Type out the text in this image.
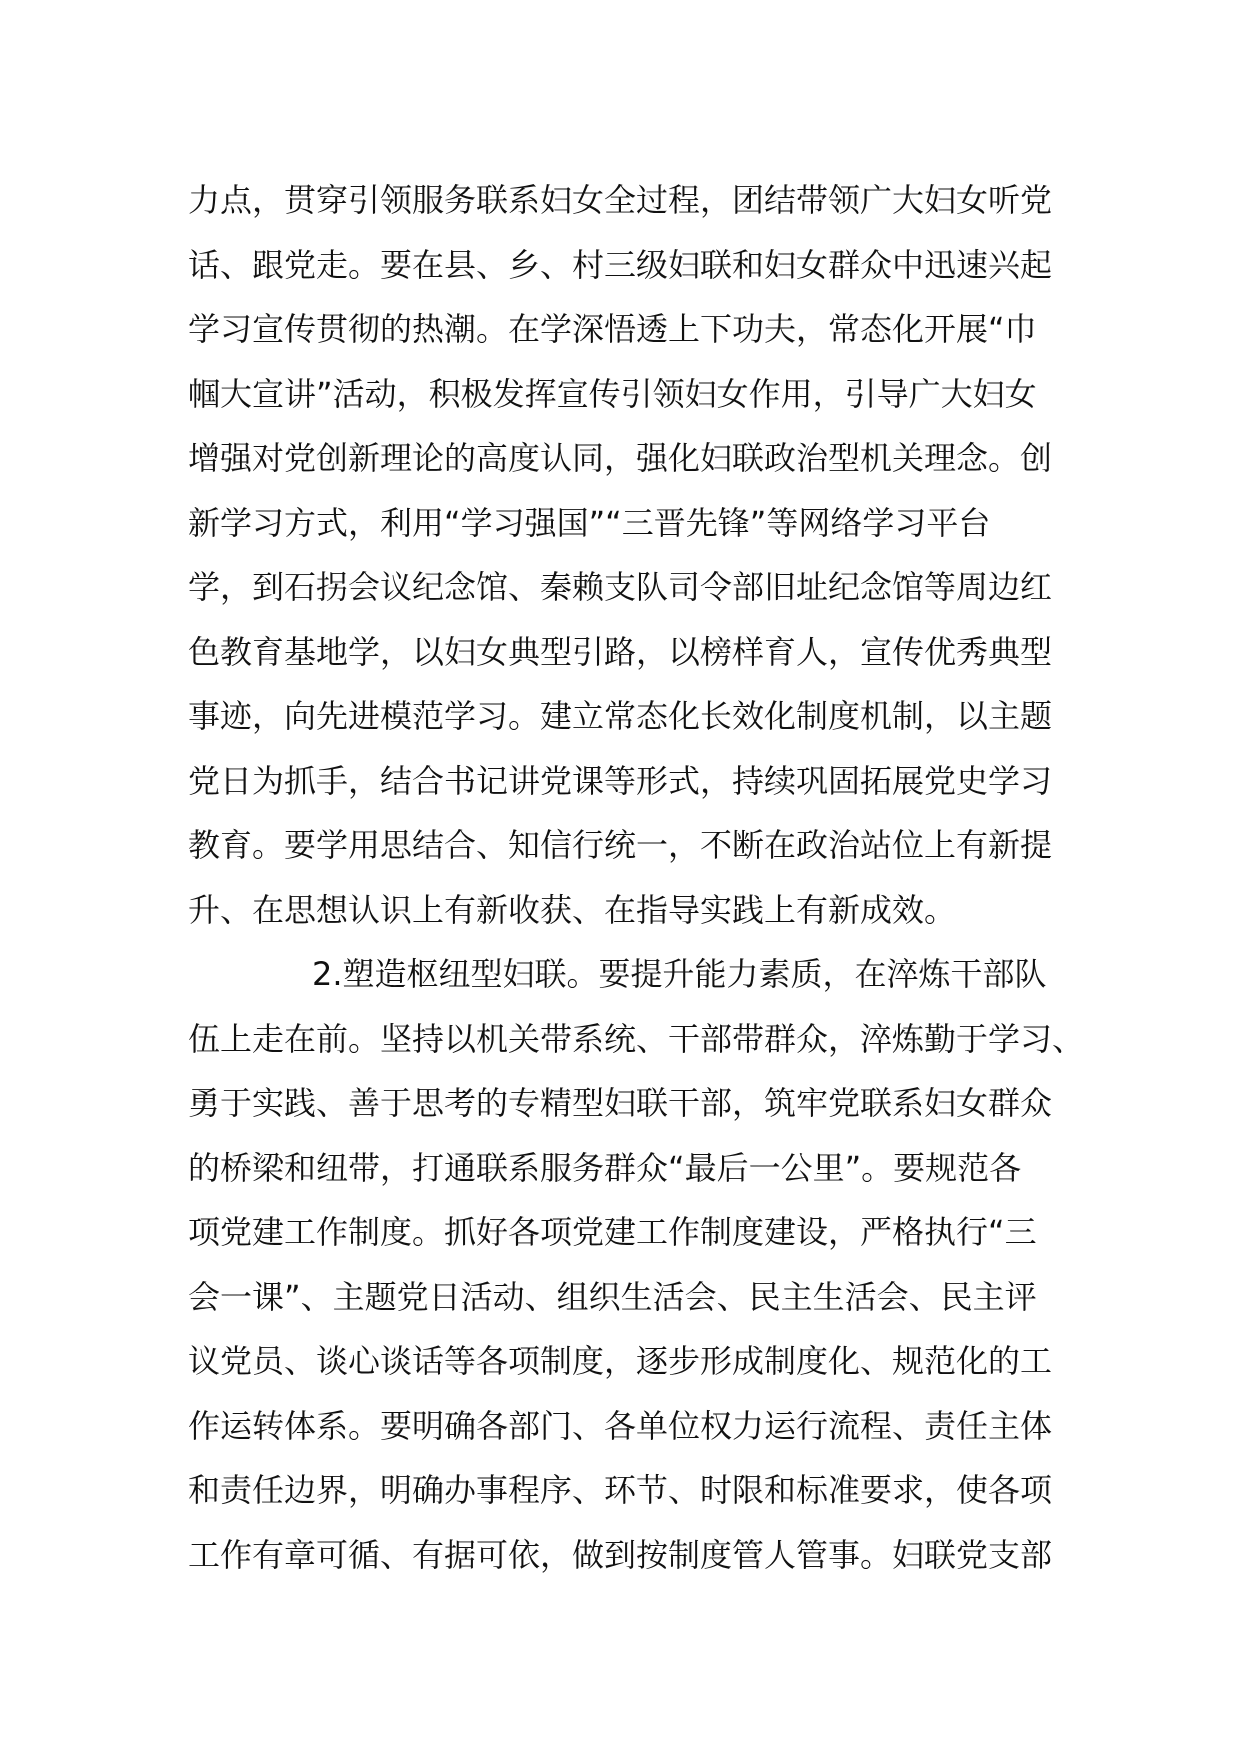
力点，贯穿引领服务联系妇女全过程，团结带领广大妇女听党
话、跟党走。要在县、乡、村三级妇联和妇女群众中迅速兴起
学习宣传贯彻的热潮。在学深悟透上下功夫，常态化开展“巾
帼大宣讲”活动，积极发挥宣传引领妇女作用，引导广大妇女
增强对党创新理论的高度认同，强化妇联政治型机关理念。创
新学习方式，利用“学习强国”“三晋先锋”等网络学习平台
学，到石拐会议纪念馆、秦赖支队司令部旧址纪念馆等周边红
色教育基地学，以妇女典型引路，以榜样育人，宣传优秀典型
事迹，向先进模范学习。建立常态化长效化制度机制，以主题
党日为抓手，结合书记讲党课等形式，持续巩固拓展党史学习
教育。要学用思结合、知信行统一，不断在政治站位上有新提
升、在思想认识上有新收获、在指导实践上有新成效。
2.塑造枢纽型妇联。要提升能力素质，在淬炼干部队
伍上走在前。坚持以机关带系统、干部带群众，淬炼勤于学习、
勇于实践、善于思考的专精型妇联干部，筑牢党联系妇女群众
的桥梁和纽带，打通联系服务群众“最后一公里”。要规范各
项党建工作制度。抓好各项党建工作制度建设，严格执行“三
会一课”、主题党日活动、组织生活会、民主生活会、民主评
议党员、谈心谈话等各项制度，逐步形成制度化、规范化的工
作运转体系。要明确各部门、各单位权力运行流程、责任主体
和责任边界，明确办事程序、环节、时限和标准要求，使各项
工作有章可循、有据可依，做到按制度管人管事。妇联党支部
